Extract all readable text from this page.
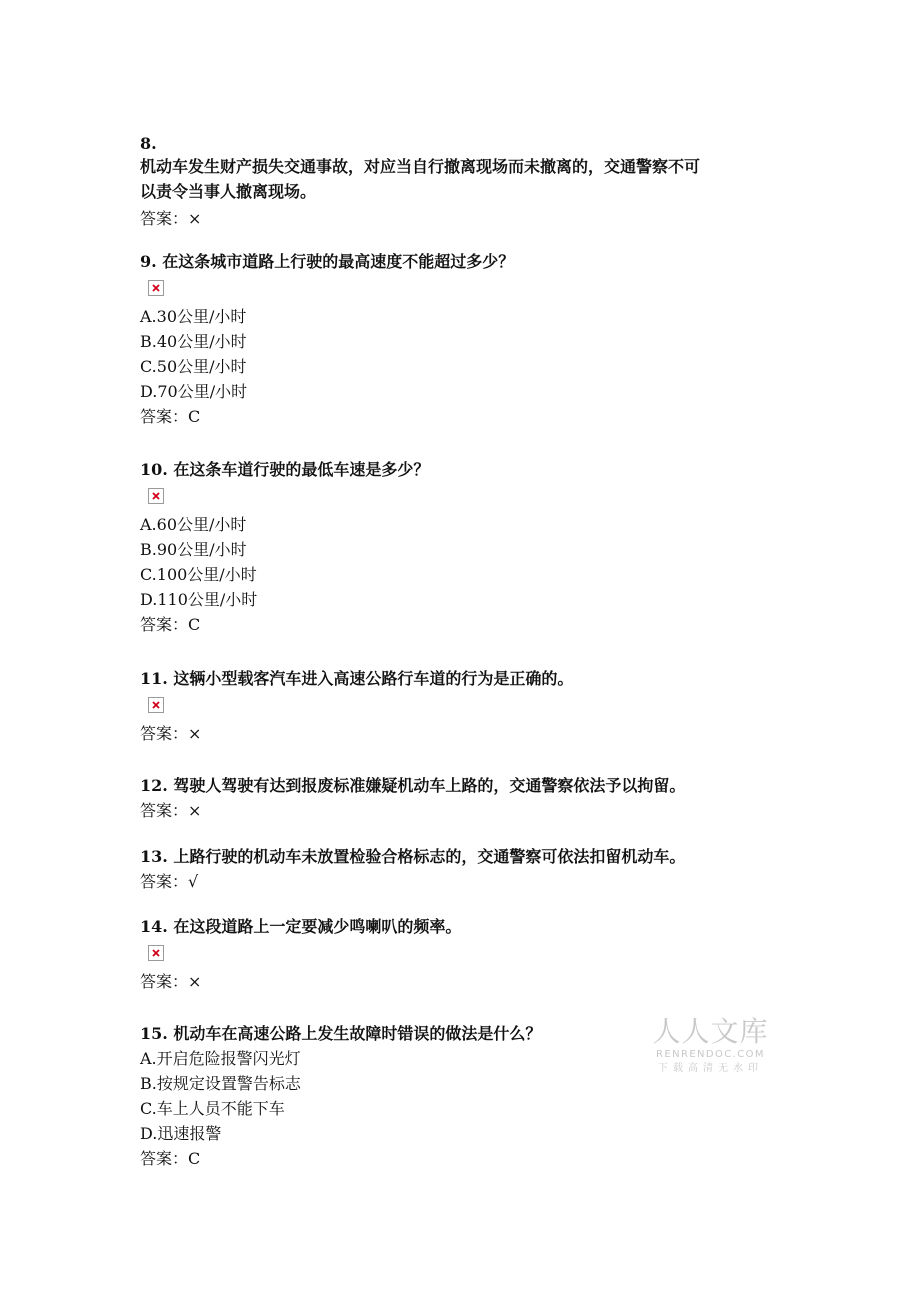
8.
机动车发生财产损失交通事故，对应当自行撤离现场而未撤离的，交通警察不可
以责令当事人撤离现场。
答案：×
9. 在这条城市道路上行驶的最高速度不能超过多少？
A.30公里/小时
B.40公里/小时
C.50公里/小时
D.70公里/小时
答案：C
10. 在这条车道行驶的最低车速是多少？
A.60公里/小时
B.90公里/小时
C.100公里/小时
D.110公里/小时
答案：C
11. 这辆小型载客汽车进入高速公路行车道的行为是正确的。
答案：×
12. 驾驶人驾驶有达到报废标准嫌疑机动车上路的，交通警察依法予以拘留。
答案：×
13. 上路行驶的机动车未放置检验合格标志的，交通警察可依法扣留机动车。
答案：√
14. 在这段道路上一定要减少鸣喇叭的频率。
答案：×
15. 机动车在高速公路上发生故障时错误的做法是什么？
A.开启危险报警闪光灯
B.按规定设置警告标志
C.车上人员不能下车
D.迅速报警
答案：C
人人文库
RENRENDOC.COM
下载高清无水印
